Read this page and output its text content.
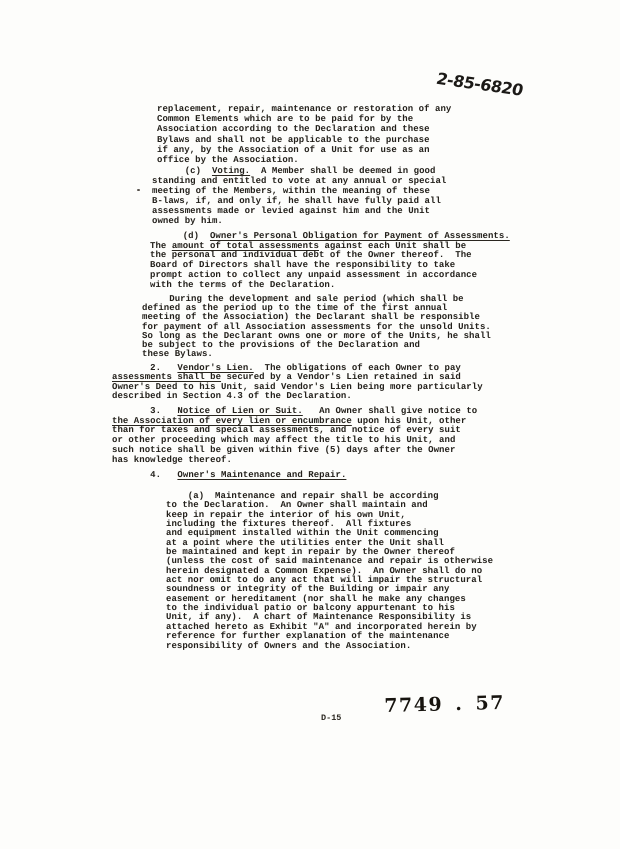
2-85-6820
replacement, repair, maintenance or restoration of any
Common Elements which are to be paid for by the
Association according to the Declaration and these
Bylaws and shall not be applicable to the purchase
if any, by the Association of a Unit for use as an
office by the Association.
(c)  Voting.  A Member shall be deemed in good
standing and entitled to vote at any annual or special
meeting of the Members, within the meaning of these
B-laws, if, and only if, he shall have fully paid all
assessments made or levied against him and the Unit
owned by him.
(d)  Owner's Personal Obligation for Payment of Assessments.
The amount of total assessments against each Unit shall be
the personal and individual debt of the Owner thereof.  The
Board of Directors shall have the responsibility to take
prompt action to collect any unpaid assessment in accordance
with the terms of the Declaration.
During the development and sale period (which shall be
defined as the period up to the time of the first annual
meeting of the Association) the Declarant shall be responsible
for payment of all Association assessments for the unsold Units.
So long as the Declarant owns one or more of the Units, he shall
be subject to the provisions of the Declaration and
these Bylaws.
2.   Vendor's Lien.  The obligations of each Owner to pay
assessments shall be secured by a Vendor's Lien retained in said
Owner's Deed to his Unit, said Vendor's Lien being more particularly
described in Section 4.3 of the Declaration.
3.   Notice of Lien or Suit.   An Owner shall give notice to
the Association of every lien or encumbrance upon his Unit, other
than for taxes and special assessments, and notice of every suit
or other proceeding which may affect the title to his Unit, and
such notice shall be given within five (5) days after the Owner
has knowledge thereof.
4.   Owner's Maintenance and Repair.
(a)  Maintenance and repair shall be according
to the Declaration.  An Owner shall maintain and
keep in repair the interior of his own Unit,
including the fixtures thereof.  All fixtures
and equipment installed within the Unit commencing
at a point where the utilities enter the Unit shall
be maintained and kept in repair by the Owner thereof
(unless the cost of said maintenance and repair is otherwise
herein designated a Common Expense).  An Owner shall do no
act nor omit to do any act that will impair the structural
soundness or integrity of the Building or impair any
easement or hereditament (nor shall he make any changes
to the individual patio or balcony appurtenant to his
Unit, if any).  A chart of Maintenance Responsibility is
attached hereto as Exhibit "A" and incorporated herein by
reference for further explanation of the maintenance
responsibility of Owners and the Association.
7749 . 57
D-15
